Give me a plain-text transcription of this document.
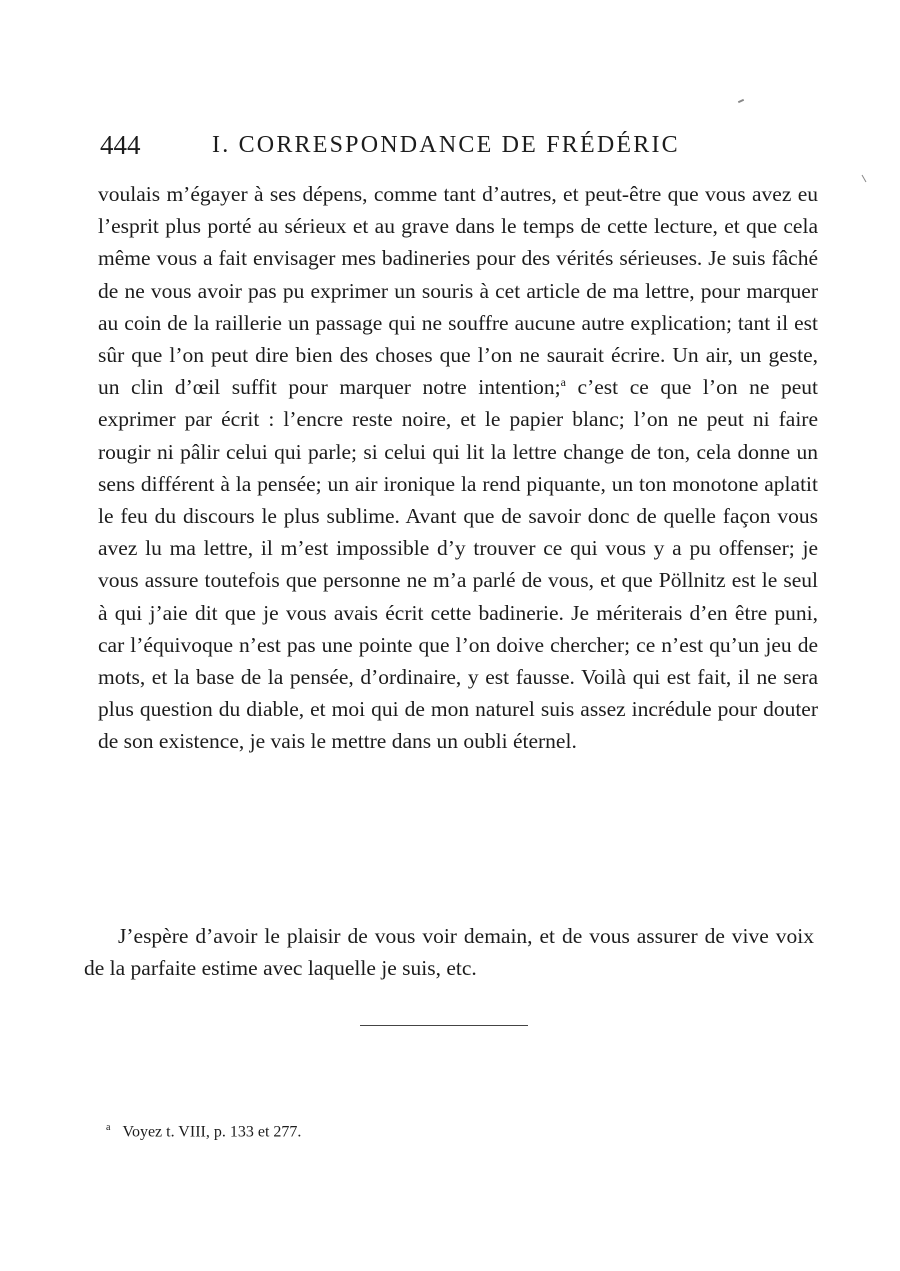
444	I. CORRESPONDANCE DE FRÉDÉRIC

voulais m’égayer à ses dépens, comme tant d’autres, et peut-être que vous avez eu l’esprit plus porté au sérieux et au grave dans le temps de cette lecture, et que cela même vous a fait envisager mes badineries pour des vérités sérieuses. Je suis fâché de ne vous avoir pas pu exprimer un souris à cet article de ma lettre, pour marquer au coin de la raillerie un passage qui ne souffre aucune autre explication; tant il est sûr que l’on peut dire bien des choses que l’on ne saurait écrire. Un air, un geste, un clin d’œil suffit pour marquer notre intention;$^a$ c’est ce que l’on ne peut exprimer par écrit : l’encre reste noire, et le papier blanc; l’on ne peut ni faire rougir ni pâlir celui qui parle; si celui qui lit la lettre change de ton, cela donne un sens différent à la pensée; un air ironique la rend piquante, un ton monotone aplatit le feu du discours le plus sublime. Avant que de savoir donc de quelle façon vous avez lu ma lettre, il m’est impossible d’y trouver ce qui vous y a pu offenser; je vous assure toutefois que personne ne m’a parlé de vous, et que Pöllnitz est le seul à qui j’aie dit que je vous avais écrit cette badinerie. Je mériterais d’en être puni, car l’équivoque n’est pas une pointe que l’on doive chercher; ce n’est qu’un jeu de mots, et la base de la pensée, d’ordinaire, y est fausse. Voilà qui est fait, il ne sera plus question du diable, et moi qui de mon naturel suis assez incrédule pour douter de son existence, je vais le mettre dans un oubli éternel.

J’espère d’avoir le plaisir de vous voir demain, et de vous assurer de vive voix de la parfaite estime avec laquelle je suis, etc.

$^a$ Voyez t. VIII, p. 133 et 277.
